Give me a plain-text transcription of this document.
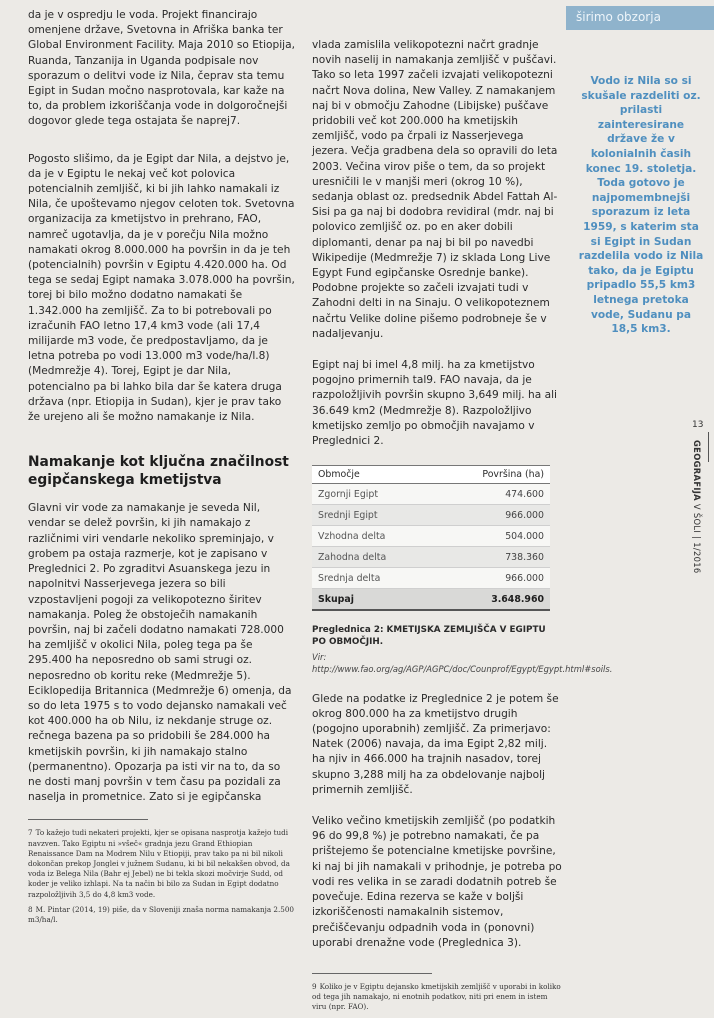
da je v ospredju le voda. Projekt financirajo omenjene države, Svetovna in Afriška banka ter Global Environment Facility. Maja 2010 so Etiopija, Ruanda, Tanzanija in Uganda podpisale nov sporazum o delitvi vode iz Nila, čeprav sta temu Egipt in Sudan močno nasprotovala, kar kaže na to, da problem izkoriščanja vode in dolgoročnejši dogovor glede tega ostajata še naprej7.

Pogosto slišimo, da je Egipt dar Nila, a dejstvo je, da je v Egiptu le nekaj več kot polovica potencialnih zemljišč, ki bi jih lahko namakali iz Nila, če upoštevamo njegov celoten tok. Svetovna organizacija za kmetijstvo in prehrano, FAO, namreč ugotavlja, da je v porečju Nila možno namakati okrog 8.000.000 ha površin in da je teh (potencialnih) površin v Egiptu 4.420.000 ha. Od tega se sedaj Egipt namaka 3.078.000 ha površin, torej bi bilo možno dodatno namakati še 1.342.000 ha zemljišč. Za to bi potrebovali po izračunih FAO letno 17,4 km3 vode (ali 17,4 milijarde m3 vode, če predpostavljamo, da je letna potreba po vodi 13.000 m3 vode/ha/l.8) (Medmrežje 4). Torej, Egipt je dar Nila, potencialno pa bi lahko bila dar še katera druga država (npr. Etiopija in Sudan), kjer je prav tako že urejeno ali še možno namakanje iz Nila.

Namakanje kot ključna značilnost egipčanskega kmetijstva

Glavni vir vode za namakanje je seveda Nil, vendar se delež površin, ki jih namakajo z različnimi viri vendarle nekoliko spreminjajo, v grobem pa ostaja razmerje, kot je zapisano v Preglednici 2. Po zgraditvi Asuanskega jezu in napolnitvi Nasserjevega jezera so bili vzpostavljeni pogoji za velikopotezno širitev namakanja. Poleg že obstoječih namakanih površin, naj bi začeli dodatno namakati 728.000 ha zemljišč v okolici Nila, poleg tega pa še 295.400 ha neposredno ob sami strugi oz. neposredno ob koritu reke (Medmrežje 5). Eciklopedija Britannica (Medmrežje 6) omenja, da so do leta 1975 s to vodo dejansko namakali več kot 400.000 ha ob Nilu, iz nekdanje struge oz. rečnega bazena pa so pridobili še 284.000 ha kmetijskih površin, ki jih namakajo stalno (permanentno). Opozarja pa isti vir na to, da so ne dosti manj površin v tem času pa pozidali za naselja in prometnice. Zato si je egipčanska

7 To kažejo tudi nekateri projekti, kjer se opisana nasprotja kažejo tudi navzven. Tako Egiptu ni »všeč« gradnja jezu Grand Ethiopian Renaissance Dam na Modrem Nilu v Etiopiji, prav tako pa ni bil nikoli dokončan prekop Jonglei v južnem Sudanu, ki bi bil nekakšen obvod, da voda iz Belega Nila (Bahr ej Jebel) ne bi tekla skozi močvirje Sudd, od koder je veliko izhlapi. Na ta način bi bilo za Sudan in Egipt dodatno razpoložljivih 3,5 do 4,8 km3 vode.

8 M. Pintar (2014, 19) piše, da v Sloveniji znaša norma namakanja 2.500 m3/ha/l.

vlada zamislila velikopotezni načrt gradnje novih naselij in namakanja zemljišč v puščavi. Tako so leta 1997 začeli izvajati velikopotezni načrt Nova dolina, New Valley. Z namakanjem naj bi v območju Zahodne (Libijske) puščave pridobili več kot 200.000 ha kmetijskih zemljišč, vodo pa črpali iz Nasserjevega jezera. Večja gradbena dela so opravili do leta 2003. Večina virov piše o tem, da so projekt uresničili le v manjši meri (okrog 10 %), sedanja oblast oz. predsednik Abdel Fattah Al-Sisi pa ga naj bi dodobra revidiral (mdr. naj bi polovico zemljišč oz. po en aker dobili diplomanti, denar pa naj bi bil po navedbi Wikipedije (Medmrežje 7) iz sklada Long Live Egypt Fund egipčanske Osrednje banke). Podobne projekte so začeli izvajati tudi v Zahodni delti in na Sinaju. O velikopoteznem načrtu Velike doline pišemo podrobneje še v nadaljevanju.

Egipt naj bi imel 4,8 milj. ha za kmetijstvo pogojno primernih tal9. FAO navaja, da je razpoložljivih površin skupno 3,649 milj. ha ali 36.649 km2 (Medmrežje 8). Razpoložljivo kmetijsko zemljo po območjih navajamo v Preglednici 2.

Območje	Površina (ha)
Zgornji Egipt	474.600
Srednji Egipt	966.000
Vzhodna delta	504.000
Zahodna delta	738.360
Srednja delta	966.000
Skupaj	3.648.960

Preglednica 2: KMETIJSKA ZEMLJIŠČA V EGIPTU PO OBMOČJIH.

Vir: http://www.fao.org/ag/AGP/AGPC/doc/Counprof/Egypt/Egypt.html#soils.

Glede na podatke iz Preglednice 2 je potem še okrog 800.000 ha za kmetijstvo drugih (pogojno uporabnih) zemljišč. Za primerjavo: Natek (2006) navaja, da ima Egipt 2,82 milj. ha njiv in 466.000 ha trajnih nasadov, torej skupno 3,288 milj ha za obdelovanje najbolj primernih zemljišč.

Veliko večino kmetijskih zemljišč (po podatkih 96 do 99,8 %) je potrebno namakati, če pa prištejemo še potencialne kmetijske površine, ki naj bi jih namakali v prihodnje, je potreba po vodi res velika in se zaradi dodatnih potreb še povečuje. Edina rezerva se kaže v boljši izkoriščenosti namakalnih sistemov, prečiščevanju odpadnih voda in (ponovni) uporabi drenažne vode (Preglednica 3).

9 Koliko je v Egiptu dejansko kmetijskih zemljišč v uporabi in koliko od tega jih namakajo, ni enotnih podatkov, niti pri enem in istem viru (npr. FAO).

širimo obzorja

Vodo iz Nila so si skušale razdeliti oz. prilasti zainteresirane države že v kolonialnih časih konec 19. stoletja. Toda gotovo je najpomembnejši sporazum iz leta 1959, s katerim sta si Egipt in Sudan razdelila vodo iz Nila tako, da je Egiptu pripadlo 55,5 km3 letnega pretoka vode, Sudanu pa 18,5 km3.

13
GEOGRAFIJA V ŠOLI | 1/2016
